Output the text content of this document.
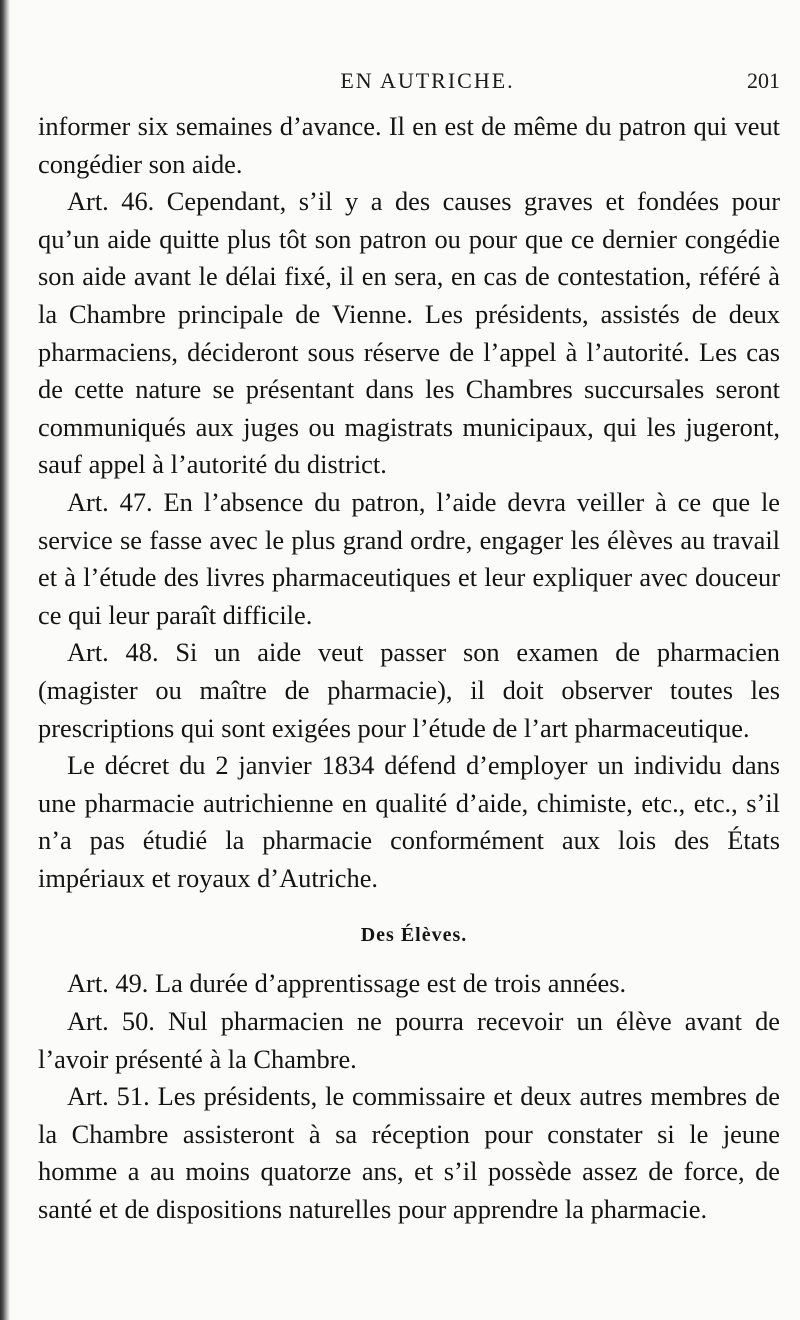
EN AUTRICHE.	201

informer six semaines d’avance. Il en est de même du patron qui veut congédier son aide.

Art. 46. Cependant, s’il y a des causes graves et fondées pour qu’un aide quitte plus tôt son patron ou pour que ce dernier congédie son aide avant le délai fixé, il en sera, en cas de contestation, référé à la Chambre principale de Vienne. Les présidents, assistés de deux pharmaciens, décideront sous réserve de l’appel à l’autorité. Les cas de cette nature se présentant dans les Chambres succursales seront communiqués aux juges ou magistrats municipaux, qui les jugeront, sauf appel à l’autorité du district.

Art. 47. En l’absence du patron, l’aide devra veiller à ce que le service se fasse avec le plus grand ordre, engager les élèves au travail et à l’étude des livres pharmaceutiques et leur expliquer avec douceur ce qui leur paraît difficile.

Art. 48. Si un aide veut passer son examen de pharmacien (magister ou maître de pharmacie), il doit observer toutes les prescriptions qui sont exigées pour l’étude de l’art pharmaceutique.

Le décret du 2 janvier 1834 défend d’employer un individu dans une pharmacie autrichienne en qualité d’aide, chimiste, etc., etc., s’il n’a pas étudié la pharmacie conformément aux lois des États impériaux et royaux d’Autriche.

Des Élèves.

Art. 49. La durée d’apprentissage est de trois années.

Art. 50. Nul pharmacien ne pourra recevoir un élève avant de l’avoir présenté à la Chambre.

Art. 51. Les présidents, le commissaire et deux autres membres de la Chambre assisteront à sa réception pour constater si le jeune homme a au moins quatorze ans, et s’il possède assez de force, de santé et de dispositions naturelles pour apprendre la pharmacie.
